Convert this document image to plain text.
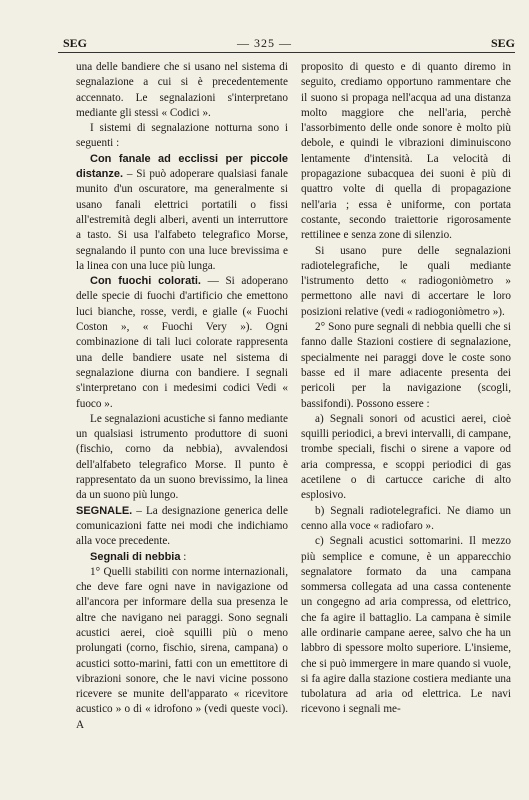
SEG	— 325 —	SEG

una delle bandiere che si usano nel sistema di segnalazione a cui si è precedentemente accennato. Le segnalazioni s'interpretano mediante gli stessi « Codici ».

I sistemi di segnalazione notturna sono i seguenti :

Con fanale ad ecclissi per piccole distanze. – Si può adoperare qualsiasi fanale munito d'un oscuratore, ma generalmente si usano fanali elettrici portatili o fissi all'estremità degli alberi, aventi un interruttore a tasto. Si usa l'alfabeto telegrafico Morse, segnalando il punto con una luce brevissima e la linea con una luce più lunga.

Con fuochi colorati. — Si adoperano delle specie di fuochi d'artificio che emettono luci bianche, rosse, verdi, e gialle (« Fuochi Coston », « Fuochi Very »). Ogni combinazione di tali luci colorate rappresenta una delle bandiere usate nel sistema di segnalazione diurna con bandiere. I segnali s'interpretano con i medesimi codici Vedi « fuoco ».

Le segnalazioni acustiche si fanno mediante un qualsiasi istrumento produttore di suoni (fischio, corno da nebbia), avvalendosi dell'alfabeto telegrafico Morse. Il punto è rappresentato da un suono brevissimo, la linea da un suono più lungo.

SEGNALE. – La designazione generica delle comunicazioni fatte nei modi che indichiamo alla voce precedente.

Segnali di nebbia :

1° Quelli stabiliti con norme internazionali, che deve fare ogni nave in navigazione od all'ancora per informare della sua presenza le altre che navigano nei paraggi. Sono segnali acustici aerei, cioè squilli più o meno prolungati (corno, fischio, sirena, campana) o acustici sotto-marini, fatti con un emettitore di vibrazioni sonore, che le navi vicine possono ricevere se munite dell'apparato « ricevitore acustico » o di « idrofono » (vedi queste voci). A

proposito di questo e di quanto diremo in seguito, crediamo opportuno rammentare che il suono si propaga nell'acqua ad una distanza molto maggiore che nell'aria, perchè l'assorbimento delle onde sonore è molto più debole, e quindi le vibrazioni diminuiscono lentamente d'intensità. La velocità di propagazione subacquea dei suoni è più di quattro volte di quella di propagazione nell'aria ; essa è uniforme, con portata costante, secondo traiettorie rigorosamente rettilinee e senza zone di silenzio.

Si usano pure delle segnalazioni radiotelegrafiche, le quali mediante l'istrumento detto « radiogoniòmetro » permettono alle navi di accertare le loro posizioni relative (vedi « radiogoniòmetro »).

2° Sono pure segnali di nebbia quelli che si fanno dalle Stazioni costiere di segnalazione, specialmente nei paraggi dove le coste sono basse ed il mare adiacente presenta dei pericoli per la navigazione (scogli, bassifondi). Possono essere :

a) Segnali sonori od acustici aerei, cioè squilli periodici, a brevi intervalli, di campane, trombe speciali, fischi o sirene a vapore od aria compressa, e scoppi periodici di gas acetilene o di cartucce cariche di alto esplosivo.

b) Segnali radiotelegrafici. Ne diamo un cenno alla voce « radiofaro ».

c) Segnali acustici sottomarini. Il mezzo più semplice e comune, è un apparecchio segnalatore formato da una campana sommersa collegata ad una cassa contenente un congegno ad aria compressa, od elettrico, che fa agire il battaglio. La campana è simile alle ordinarie campane aeree, salvo che ha un labbro di spessore molto superiore. L'insieme, che si può immergere in mare quando si vuole, si fa agire dalla stazione costiera mediante una tubolatura ad aria od elettrica. Le navi ricevono i segnali me-
